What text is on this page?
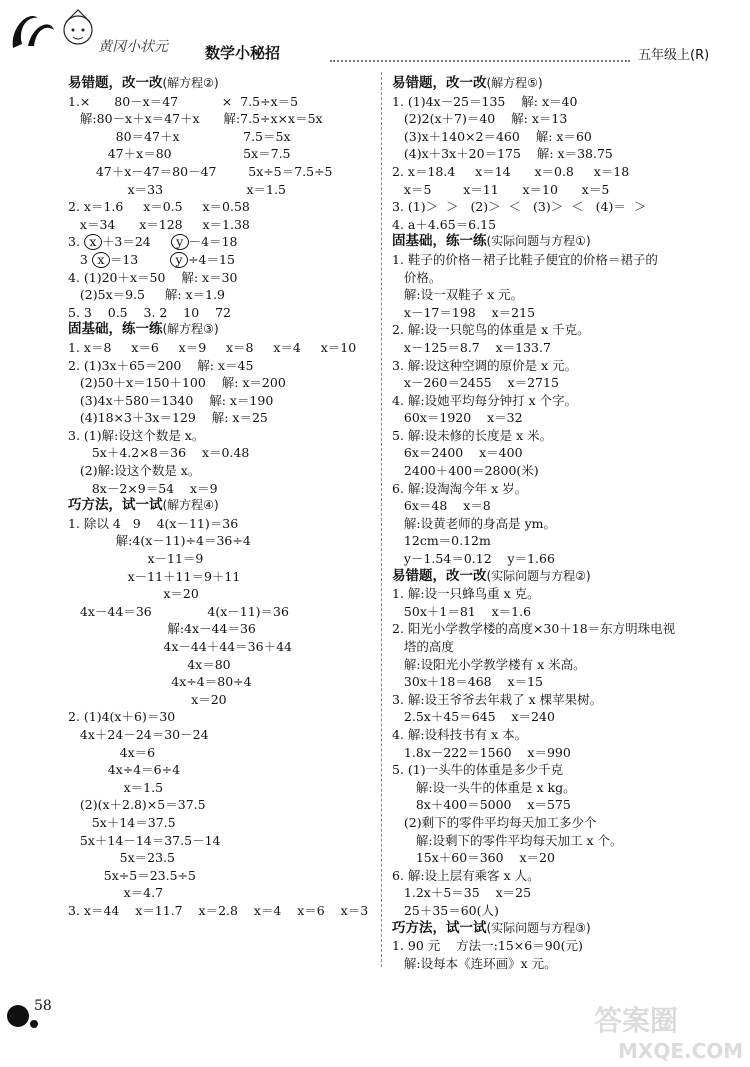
黄冈小状元 数学小秘招	五年级上(R)
易错题，改一改(解方程②)
1.×      80－x＝47           ×  7.5÷x＝5
解:80－x＋x＝47＋x      解:7.5÷x×x＝5x
80＝47＋x                7.5＝5x
47＋x＝80                  5x＝7.5
47＋x－47＝80－47        5x÷5＝7.5÷5
x＝33                     x＝1.5
2. x＝1.6     x＝0.5     x＝0.58
x＝34      x＝128     x＝1.38
3. x ＋3＝24     y －4＝18
3 x ＝13        y ÷4＝15
4. (1)20＋x＝50    解: x＝30
(2)5x＝9.5     解: x＝1.9
5. 3    0.5    3. 2    10    72
固基础，练一练(解方程③)
1. x＝8     x＝6     x＝9     x＝8     x＝4     x＝10
2. (1)3x＋65＝200    解: x＝45
(2)50＋x＝150＋100    解: x＝200
(3)4x＋580＝1340    解: x＝190
(4)18×3＋3x＝129    解: x＝25
3. (1)解:设这个数是 x。
5x＋4.2×8＝36    x＝0.48
(2)解:设这个数是 x。
8x－2×9＝54    x＝9
巧方法，试一试(解方程④)
1. 除以 4   9    4(x－11)＝36
解:4(x－11)÷4＝36÷4
x－11＝9
x－11＋11＝9＋11
x＝20
4x－44＝36              4(x－11)＝36
解:4x－44＝36
4x－44＋44＝36＋44
4x＝80
4x÷4＝80÷4
x＝20
2. (1)4(x＋6)＝30
4x＋24－24＝30－24
4x＝6
4x÷4＝6÷4
x＝1.5
(2)(x＋2.8)×5＝37.5
5x＋14＝37.5
5x＋14－14＝37.5－14
5x＝23.5
5x÷5＝23.5÷5
x＝4.7
3. x＝44    x＝11.7    x＝2.8    x＝4    x＝6    x＝3
易错题，改一改(解方程⑤)
1. (1)4x－25＝135    解: x＝40
(2)2(x＋7)＝40    解: x＝13
(3)x＋140×2＝460    解: x＝60
(4)x＋3x＋20＝175    解: x＝38.75
2. x＝18.4     x＝14      x＝0.8     x＝18
x＝5        x＝11      x＝10      x＝5
3. (1)＞  ＞   (2)＞  ＜   (3)＞  ＜   (4)＝  ＞
4. a＋4.65＝6.15
固基础，练一练(实际问题与方程①)
1. 鞋子的价格－裙子比鞋子便宜的价格＝裙子的
价格。
解:设一双鞋子 x 元。
x－17＝198    x＝215
2. 解:设一只鸵鸟的体重是 x 千克。
x－125＝8.7    x＝133.7
3. 解:设这种空调的原价是 x 元。
x－260＝2455    x＝2715
4. 解:设她平均每分钟打 x 个字。
60x＝1920    x＝32
5. 解:设未修的长度是 x 米。
6x＝2400    x＝400
2400＋400＝2800(米)
6. 解:设淘淘今年 x 岁。
6x＝48    x＝8
解:设黄老师的身高是 ym。
12cm＝0.12m
y－1.54＝0.12    y＝1.66
易错题，改一改(实际问题与方程②)
1. 解:设一只蜂鸟重 x 克。
50x＋1＝81    x＝1.6
2. 阳光小学教学楼的高度×30＋18＝东方明珠电视
塔的高度
解:设阳光小学教学楼有 x 米高。
30x＋18＝468    x＝15
3. 解:设王爷爷去年栽了 x 棵苹果树。
2.5x＋45＝645    x＝240
4. 解:设科技书有 x 本。
1.8x－222＝1560    x＝990
5. (1)一头牛的体重是多少千克
解:设一头牛的体重是 x kg。
8x＋400＝5000    x＝575
(2)剩下的零件平均每天加工多少个
解:设剩下的零件平均每天加工 x 个。
15x＋60＝360    x＝20
6. 解:设上层有乘客 x 人。
1.2x＋5＝35    x＝25
25＋35＝60(人)
巧方法，试一试(实际问题与方程③)
1. 90 元    方法一:15×6＝90(元)
解:设每本《连环画》x 元。
58	答案圈
MXQE.COM
